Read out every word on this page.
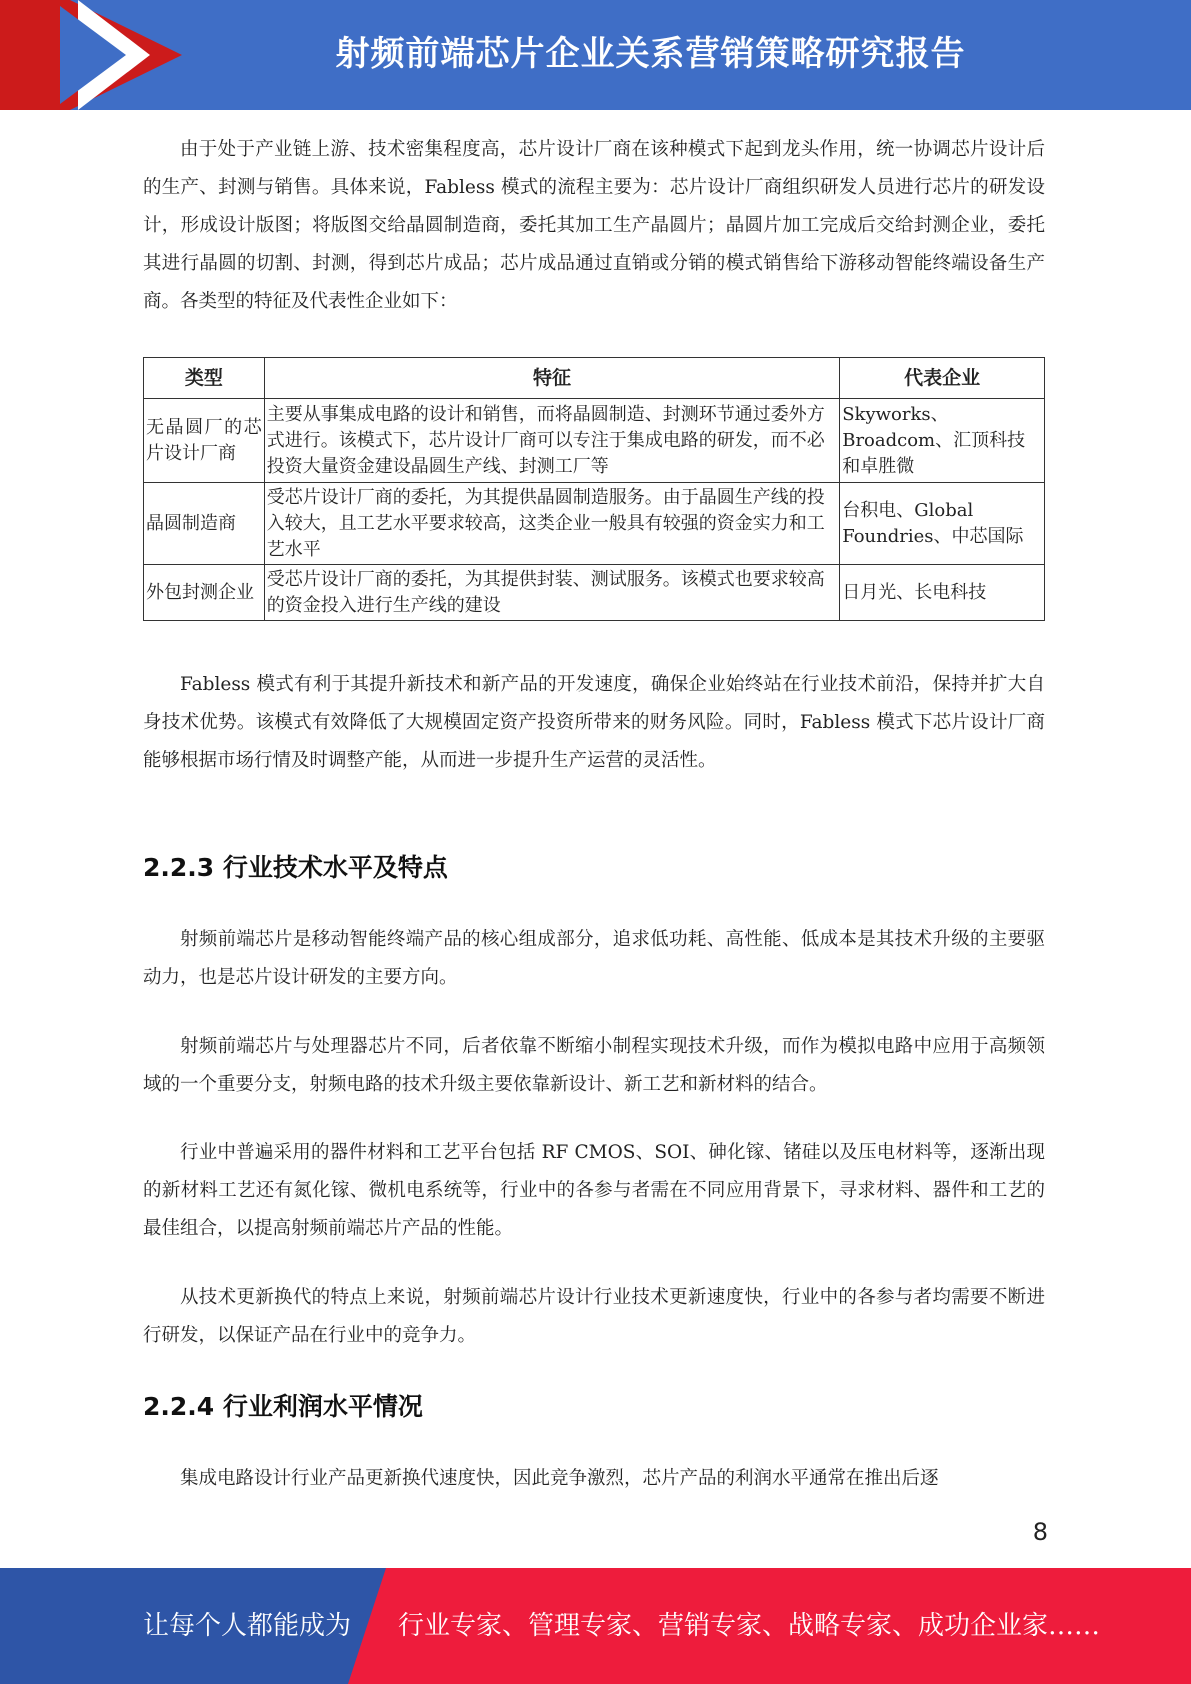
射频前端芯片企业关系营销策略研究报告

由于处于产业链上游、技术密集程度高，芯片设计厂商在该种模式下起到龙头作用，统一协调芯片设计后的生产、封测与销售。具体来说，Fabless 模式的流程主要为：芯片设计厂商组织研发人员进行芯片的研发设计，形成设计版图；将版图交给晶圆制造商，委托其加工生产晶圆片；晶圆片加工完成后交给封测企业，委托其进行晶圆的切割、封测，得到芯片成品；芯片成品通过直销或分销的模式销售给下游移动智能终端设备生产商。各类型的特征及代表性企业如下：

类型	特征	代表企业
无晶圆厂的芯片设计厂商	主要从事集成电路的设计和销售，而将晶圆制造、封测环节通过委外方式进行。该模式下，芯片设计厂商可以专注于集成电路的研发，而不必投资大量资金建设晶圆生产线、封测工厂等	Skyworks、Broadcom、汇顶科技和卓胜微
晶圆制造商	受芯片设计厂商的委托，为其提供晶圆制造服务。由于晶圆生产线的投入较大，且工艺水平要求较高，这类企业一般具有较强的资金实力和工艺水平	台积电、Global Foundries、中芯国际
外包封测企业	受芯片设计厂商的委托，为其提供封装、测试服务。该模式也要求较高的资金投入进行生产线的建设	日月光、长电科技

Fabless 模式有利于其提升新技术和新产品的开发速度，确保企业始终站在行业技术前沿，保持并扩大自身技术优势。该模式有效降低了大规模固定资产投资所带来的财务风险。同时，Fabless 模式下芯片设计厂商能够根据市场行情及时调整产能，从而进一步提升生产运营的灵活性。

2.2.3 行业技术水平及特点

射频前端芯片是移动智能终端产品的核心组成部分，追求低功耗、高性能、低成本是其技术升级的主要驱动力，也是芯片设计研发的主要方向。

射频前端芯片与处理器芯片不同，后者依靠不断缩小制程实现技术升级，而作为模拟电路中应用于高频领域的一个重要分支，射频电路的技术升级主要依靠新设计、新工艺和新材料的结合。

行业中普遍采用的器件材料和工艺平台包括 RF CMOS、SOI、砷化镓、锗硅以及压电材料等，逐渐出现的新材料工艺还有氮化镓、微机电系统等，行业中的各参与者需在不同应用背景下，寻求材料、器件和工艺的最佳组合，以提高射频前端芯片产品的性能。

从技术更新换代的特点上来说，射频前端芯片设计行业技术更新速度快，行业中的各参与者均需要不断进行研发，以保证产品在行业中的竞争力。

2.2.4 行业利润水平情况

集成电路设计行业产品更新换代速度快，因此竞争激烈，芯片产品的利润水平通常在推出后逐

8
让每个人都能成为 行业专家、管理专家、营销专家、战略专家、成功企业家……
